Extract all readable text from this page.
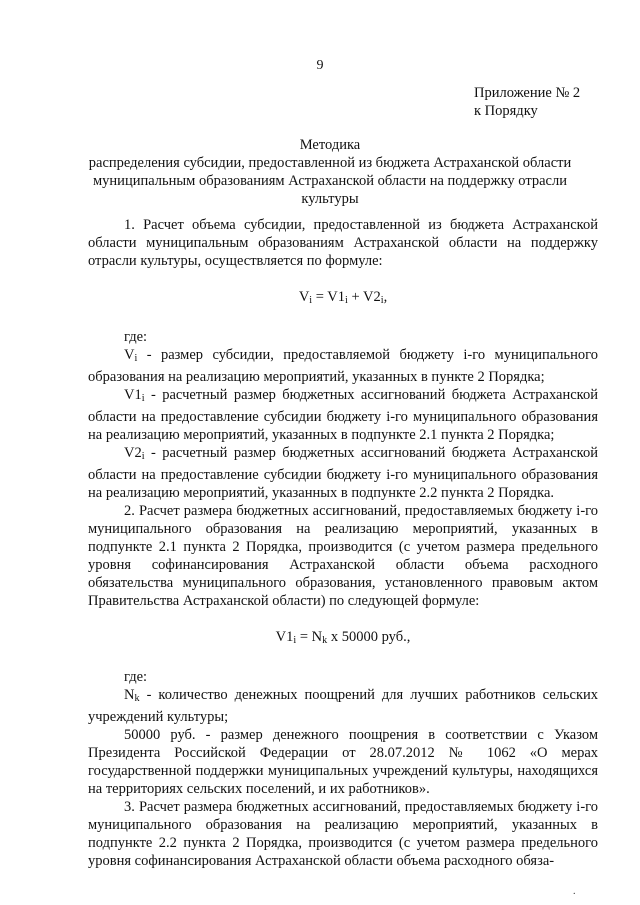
9
Приложение № 2
к Порядку
Методика
распределения субсидии, предоставленной из бюджета Астраханской области
муниципальным образованиям Астраханской области на поддержку отрасли
культуры

1. Расчет объема субсидии, предоставленной из бюджета Астраханской области муниципальным образованиям Астраханской области на поддержку отрасли культуры, осуществляется по формуле:

$V_i = V1_i + V2_i$,

где:

$V_i$ - размер субсидии, предоставляемой бюджету i-го муниципального образования на реализацию мероприятий, указанных в пункте 2 Порядка;

$V1_i$ - расчетный размер бюджетных ассигнований бюджета Астраханской области на предоставление субсидии бюджету i-го муниципального образования на реализацию мероприятий, указанных в подпункте 2.1 пункта 2 Порядка;

$V2_i$ - расчетный размер бюджетных ассигнований бюджета Астраханской области на предоставление субсидии бюджету i-го муниципального образования на реализацию мероприятий, указанных в подпункте 2.2 пункта 2 Порядка.

2. Расчет размера бюджетных ассигнований, предоставляемых бюджету i-го муниципального образования на реализацию мероприятий, указанных в подпункте 2.1 пункта 2 Порядка, производится (с учетом размера предельного уровня софинансирования Астраханской области объема расходного обязательства муниципального образования, установленного правовым актом Правительства Астраханской области) по следующей формуле:

$V1_i = N_k$ x 50000 руб.,

где:

$N_k$ - количество денежных поощрений для лучших работников сельских учреждений культуры;

50000 руб. - размер денежного поощрения в соответствии с Указом Президента Российской Федерации от 28.07.2012 № 1062 «О мерах государственной поддержки муниципальных учреждений культуры, находящихся на территориях сельских поселений, и их работников».

3. Расчет размера бюджетных ассигнований, предоставляемых бюджету i-го муниципального образования на реализацию мероприятий, указанных в подпункте 2.2 пункта 2 Порядка, производится (с учетом размера предельного уровня софинансирования Астраханской области объема расходного обяза-

.
